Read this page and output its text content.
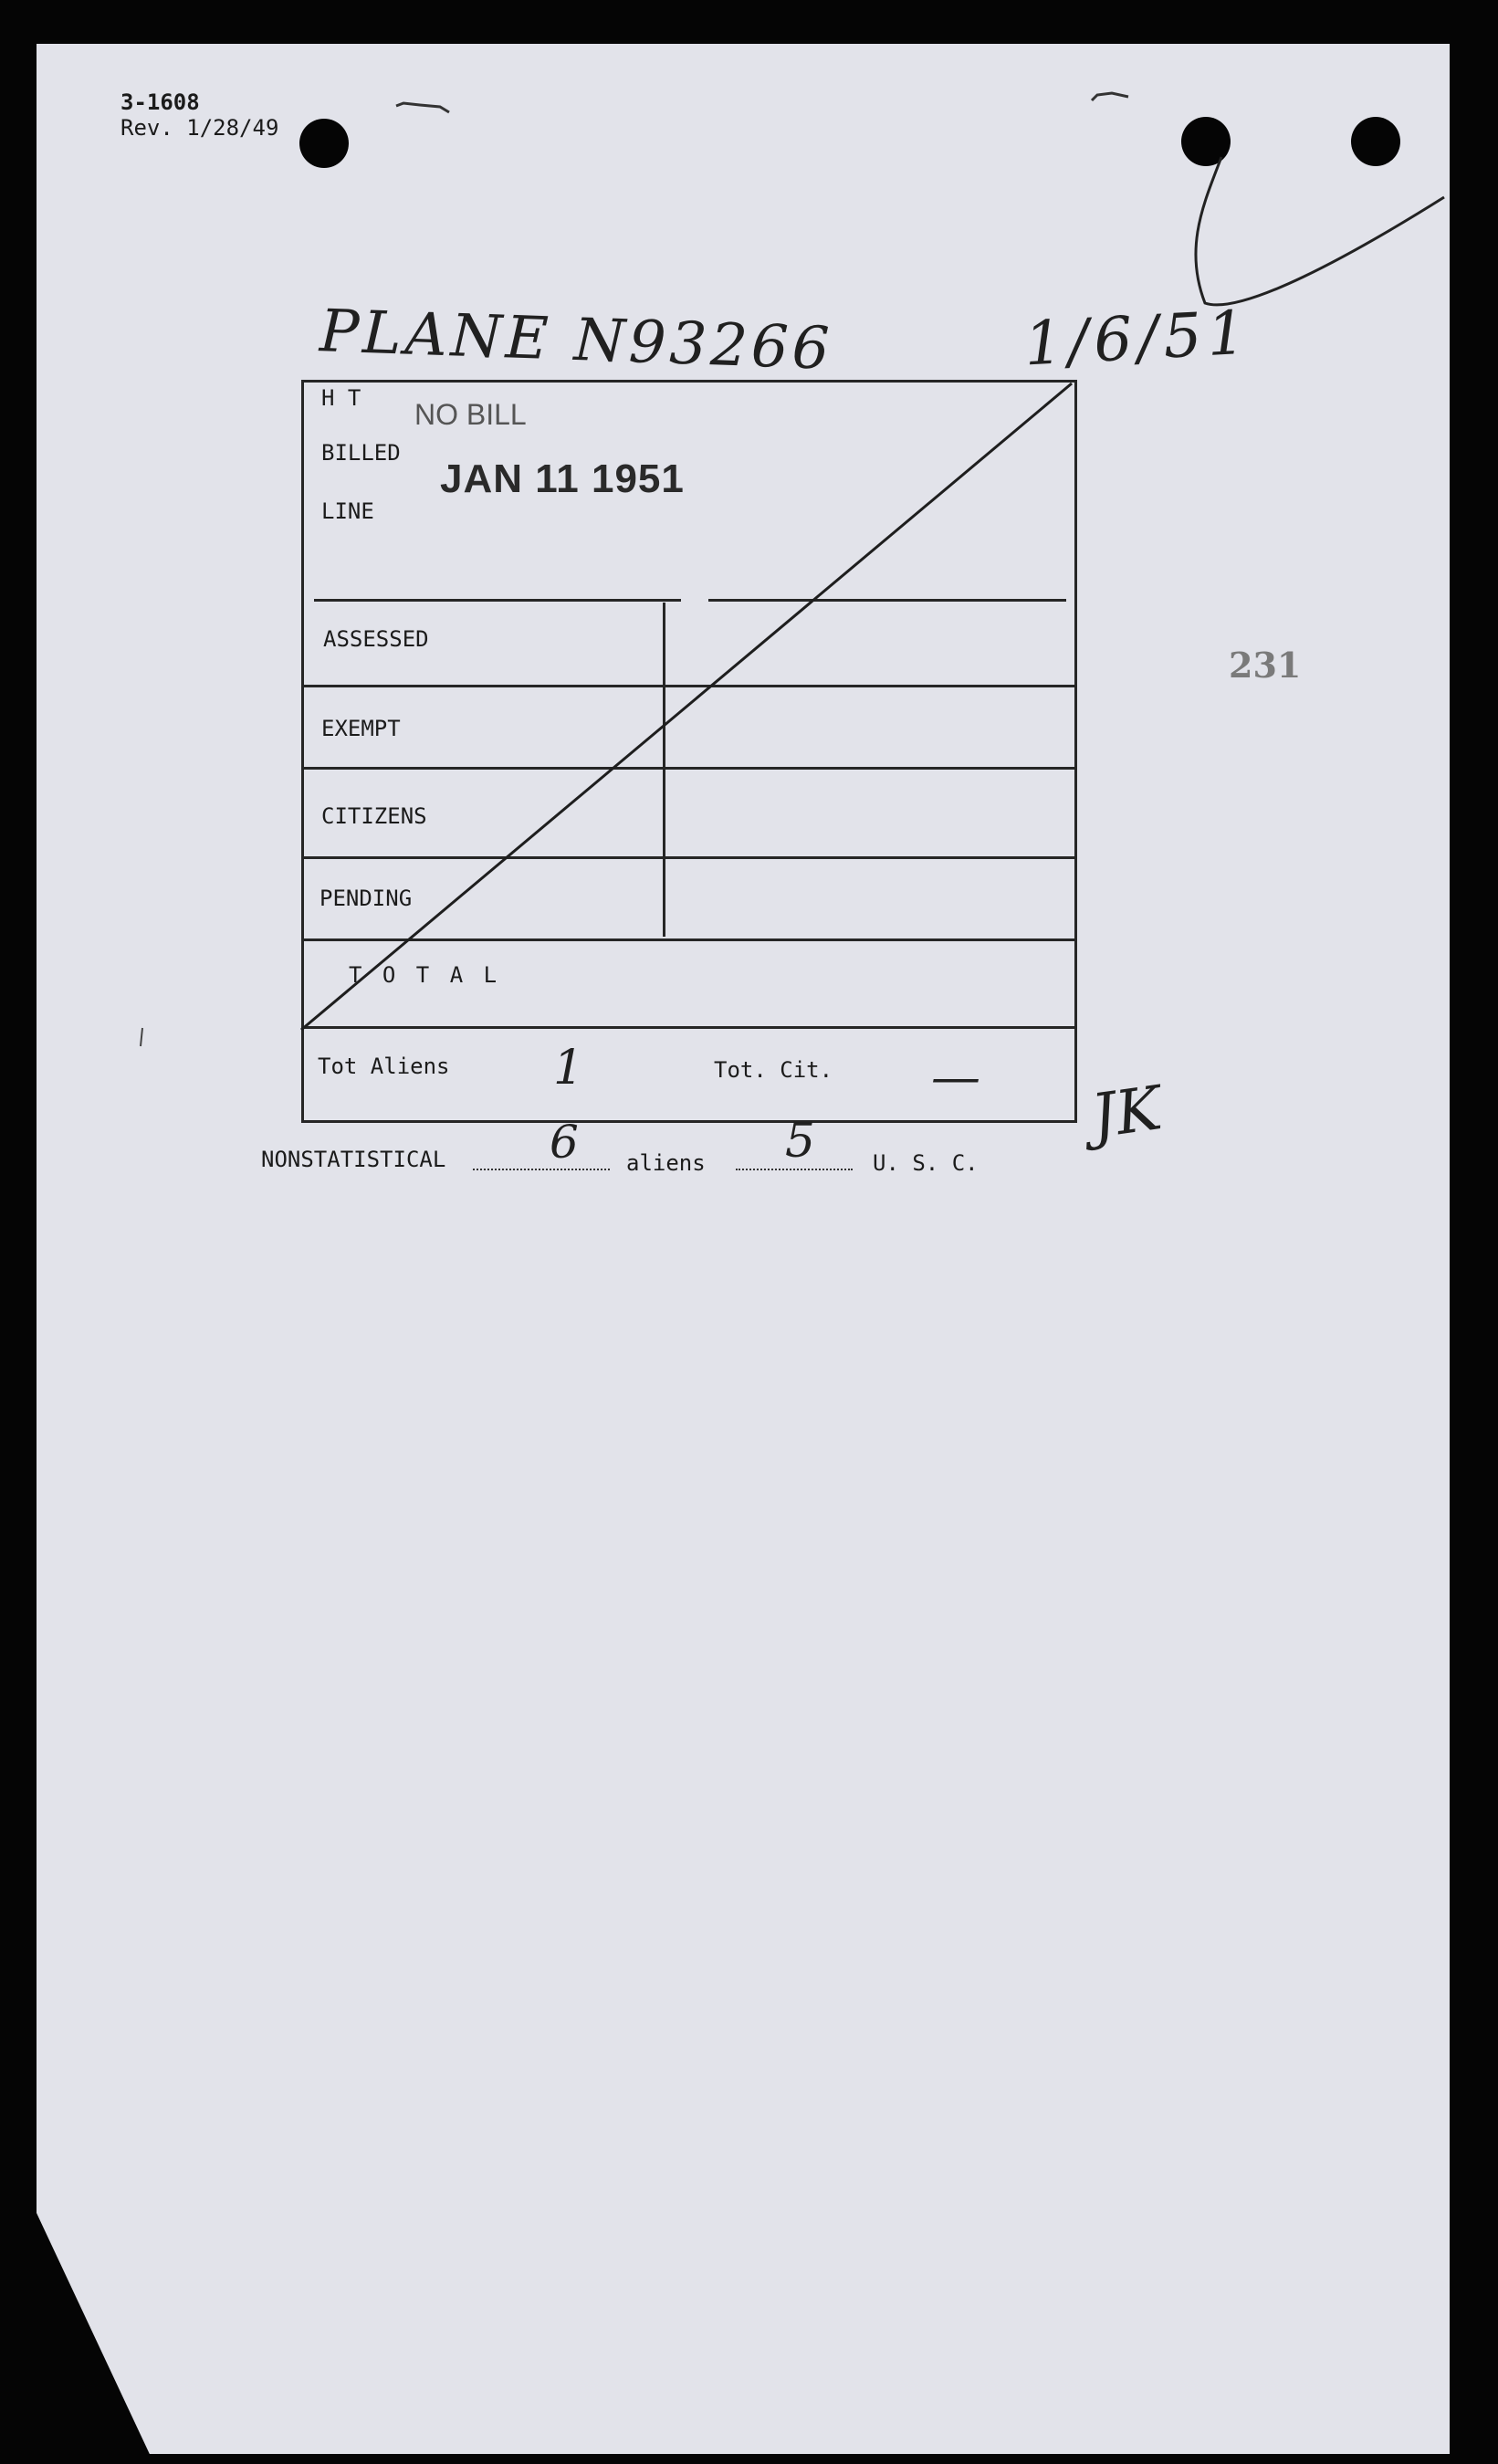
3-1608
Rev. 1/28/49
PLANE N93266	1/6/51
NO BILL
JAN 11 1951
231
H T
BILLED
LINE
ASSESSED
EXEMPT
CITIZENS
PENDING
T O T A L
Tot Aliens 1	Tot. Cit. —
NONSTATISTICAL 6 aliens 5	U. S. C.
JK
